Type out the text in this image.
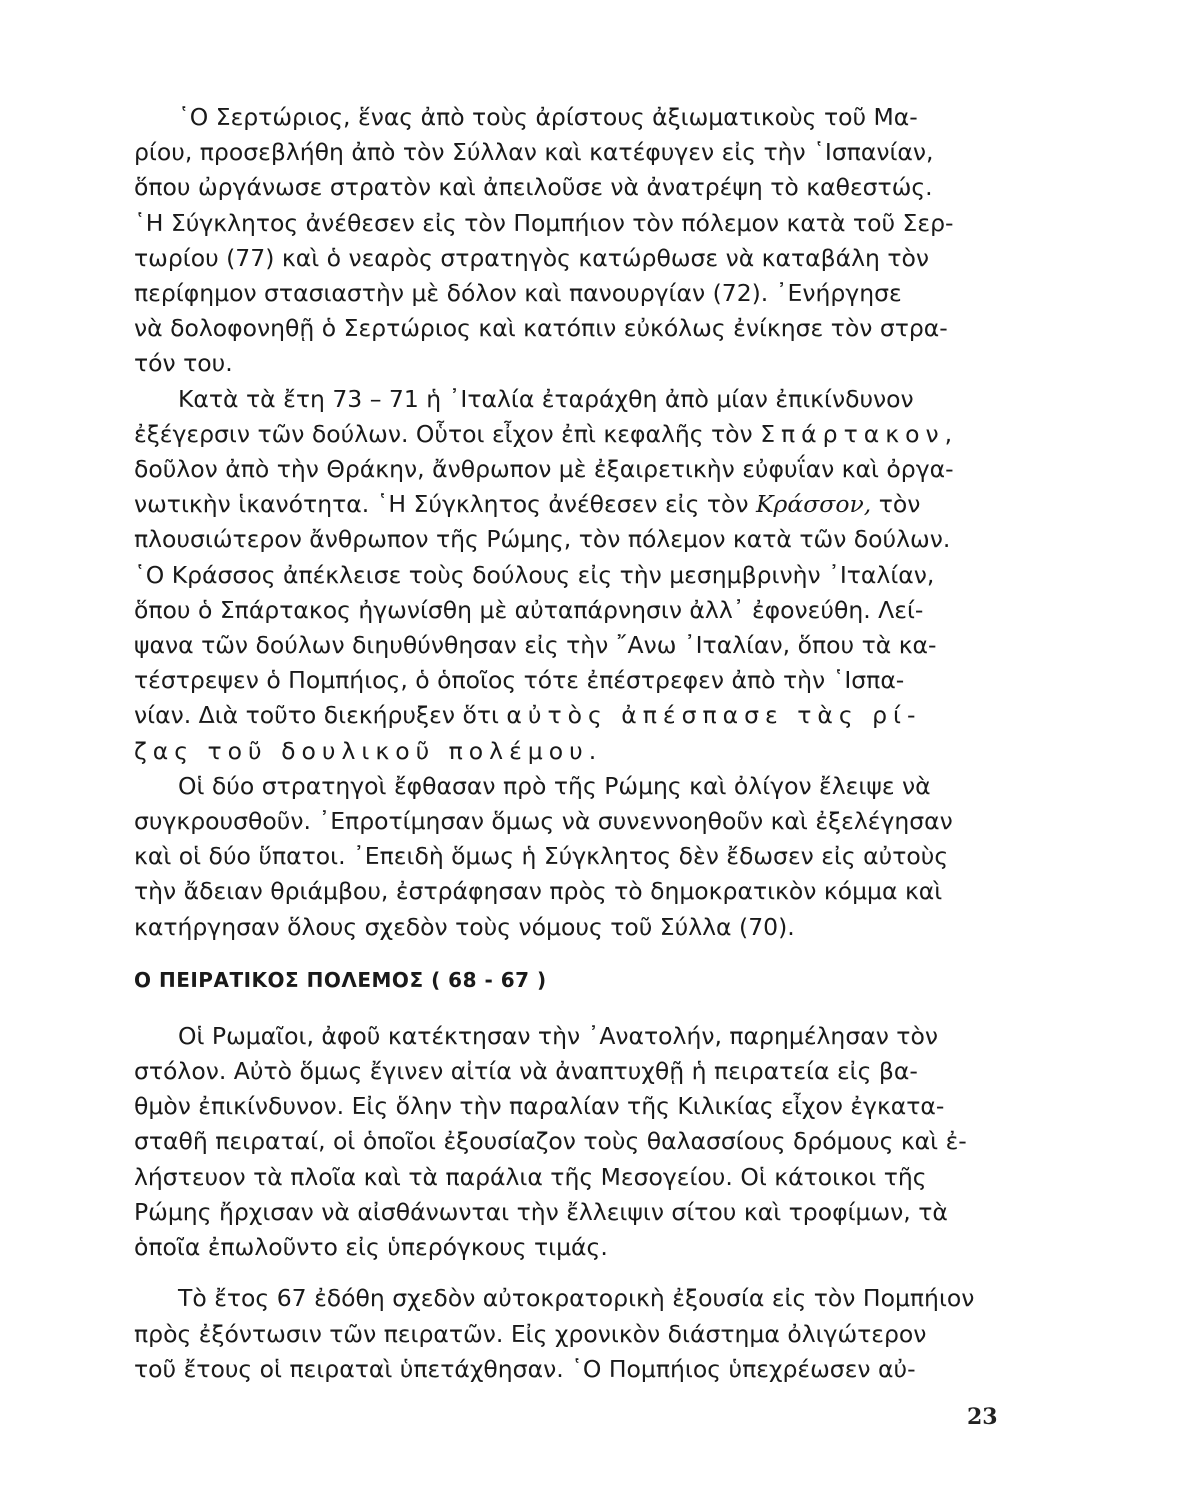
῾Ο Σερτώριος, ἕνας ἀπὸ τοὺς ἀρίστους ἀξιωματικοὺς τοῦ Μα-

ρίου, προσεβλήθη ἀπὸ τὸν Σύλλαν καὶ κατέφυγεν εἰς τὴν ῾Ισπανίαν,

ὅπου ὠργάνωσε στρατὸν καὶ ἀπειλοῦσε νὰ ἀνατρέψη τὸ καθεστώς.

῾Η Σύγκλητος ἀνέθεσεν εἰς τὸν Πομπήιον τὸν πόλεμον κατὰ τοῦ Σερ-

τωρίου (77) καὶ ὁ νεαρὸς στρατηγὸς κατώρθωσε νὰ καταβάλη τὸν

περίφημον στασιαστὴν μὲ δόλον καὶ πανουργίαν (72). ᾿Ενήργησε

νὰ δολοφονηθῇ ὁ Σερτώριος καὶ κατόπιν εὐκόλως ἐνίκησε τὸν στρα-

τόν του.

Κατὰ τὰ ἔτη 73 – 71 ἡ ᾿Ιταλία ἐταράχθη ἀπὸ μίαν ἐπικίνδυνον

ἐξέγερσιν τῶν δούλων. Οὗτοι εἶχον ἐπὶ κεφαλῆς τὸν Σπάρτακον,

δοῦλον ἀπὸ τὴν Θράκην, ἄνθρωπον μὲ ἐξαιρετικὴν εὐφυΐαν καὶ ὀργα-

νωτικὴν ἱκανότητα. ῾Η Σύγκλητος ἀνέθεσεν εἰς τὸν Κράσσον, τὸν

πλουσιώτερον ἄνθρωπον τῆς Ρώμης, τὸν πόλεμον κατὰ τῶν δούλων.

῾Ο Κράσσος ἀπέκλεισε τοὺς δούλους εἰς τὴν μεσημβρινὴν ᾿Ιταλίαν,

ὅπου ὁ Σπάρτακος ἠγωνίσθη μὲ αὐταπάρνησιν ἀλλ᾿ ἐφονεύθη. Λεί-

ψανα τῶν δούλων διηυθύνθησαν εἰς τὴν ῎Ανω ᾿Ιταλίαν, ὅπου τὰ κα-

τέστρεψεν ὁ Πομπήιος, ὁ ὁποῖος τότε ἐπέστρεφεν ἀπὸ τὴν ῾Ισπα-

νίαν. Διὰ τοῦτο διεκήρυξεν ὅτι αὐτὸς ἀπέσπασε τὰς ρί-

ζας τοῦ δουλικοῦ πολέμου.

Οἱ δύο στρατηγοὶ ἔφθασαν πρὸ τῆς Ρώμης καὶ ὀλίγον ἔλειψε νὰ

συγκρουσθοῦν. ᾿Επροτίμησαν ὅμως νὰ συνεννοηθοῦν καὶ ἐξελέγησαν

καὶ οἱ δύο ὕπατοι. ᾿Επειδὴ ὅμως ἡ Σύγκλητος δὲν ἔδωσεν εἰς αὐτοὺς

τὴν ἄδειαν θριάμβου, ἐστράφησαν πρὸς τὸ δημοκρατικὸν κόμμα καὶ

κατήργησαν ὅλους σχεδὸν τοὺς νόμους τοῦ Σύλλα (70).

Ο ΠΕΙΡΑΤΙΚΟΣ ΠΟΛΕΜΟΣ ( 68 - 67 )

Οἱ Ρωμαῖοι, ἀφοῦ κατέκτησαν τὴν ᾿Ανατολήν, παρημέλησαν τὸν

στόλον. Αὐτὸ ὅμως ἔγινεν αἰτία νὰ ἀναπτυχθῇ ἡ πειρατεία εἰς βα-

θμὸν ἐπικίνδυνον. Εἰς ὅλην τὴν παραλίαν τῆς Κιλικίας εἶχον ἐγκατα-

σταθῆ πειραταί, οἱ ὁποῖοι ἐξουσίαζον τοὺς θαλασσίους δρόμους καὶ ἐ-

λήστευον τὰ πλοῖα καὶ τὰ παράλια τῆς Μεσογείου. Οἱ κάτοικοι τῆς

Ρώμης ἤρχισαν νὰ αἰσθάνωνται τὴν ἔλλειψιν σίτου καὶ τροφίμων, τὰ

ὁποῖα ἐπωλοῦντο εἰς ὑπερόγκους τιμάς.

Τὸ ἔτος 67 ἐδόθη σχεδὸν αὐτοκρατορικὴ ἐξουσία εἰς τὸν Πομπήιον

πρὸς ἐξόντωσιν τῶν πειρατῶν. Εἰς χρονικὸν διάστημα ὀλιγώτερον

τοῦ ἔτους οἱ πειραταὶ ὑπετάχθησαν. ῾Ο Πομπήιος ὑπεχρέωσεν αὐ-

23
